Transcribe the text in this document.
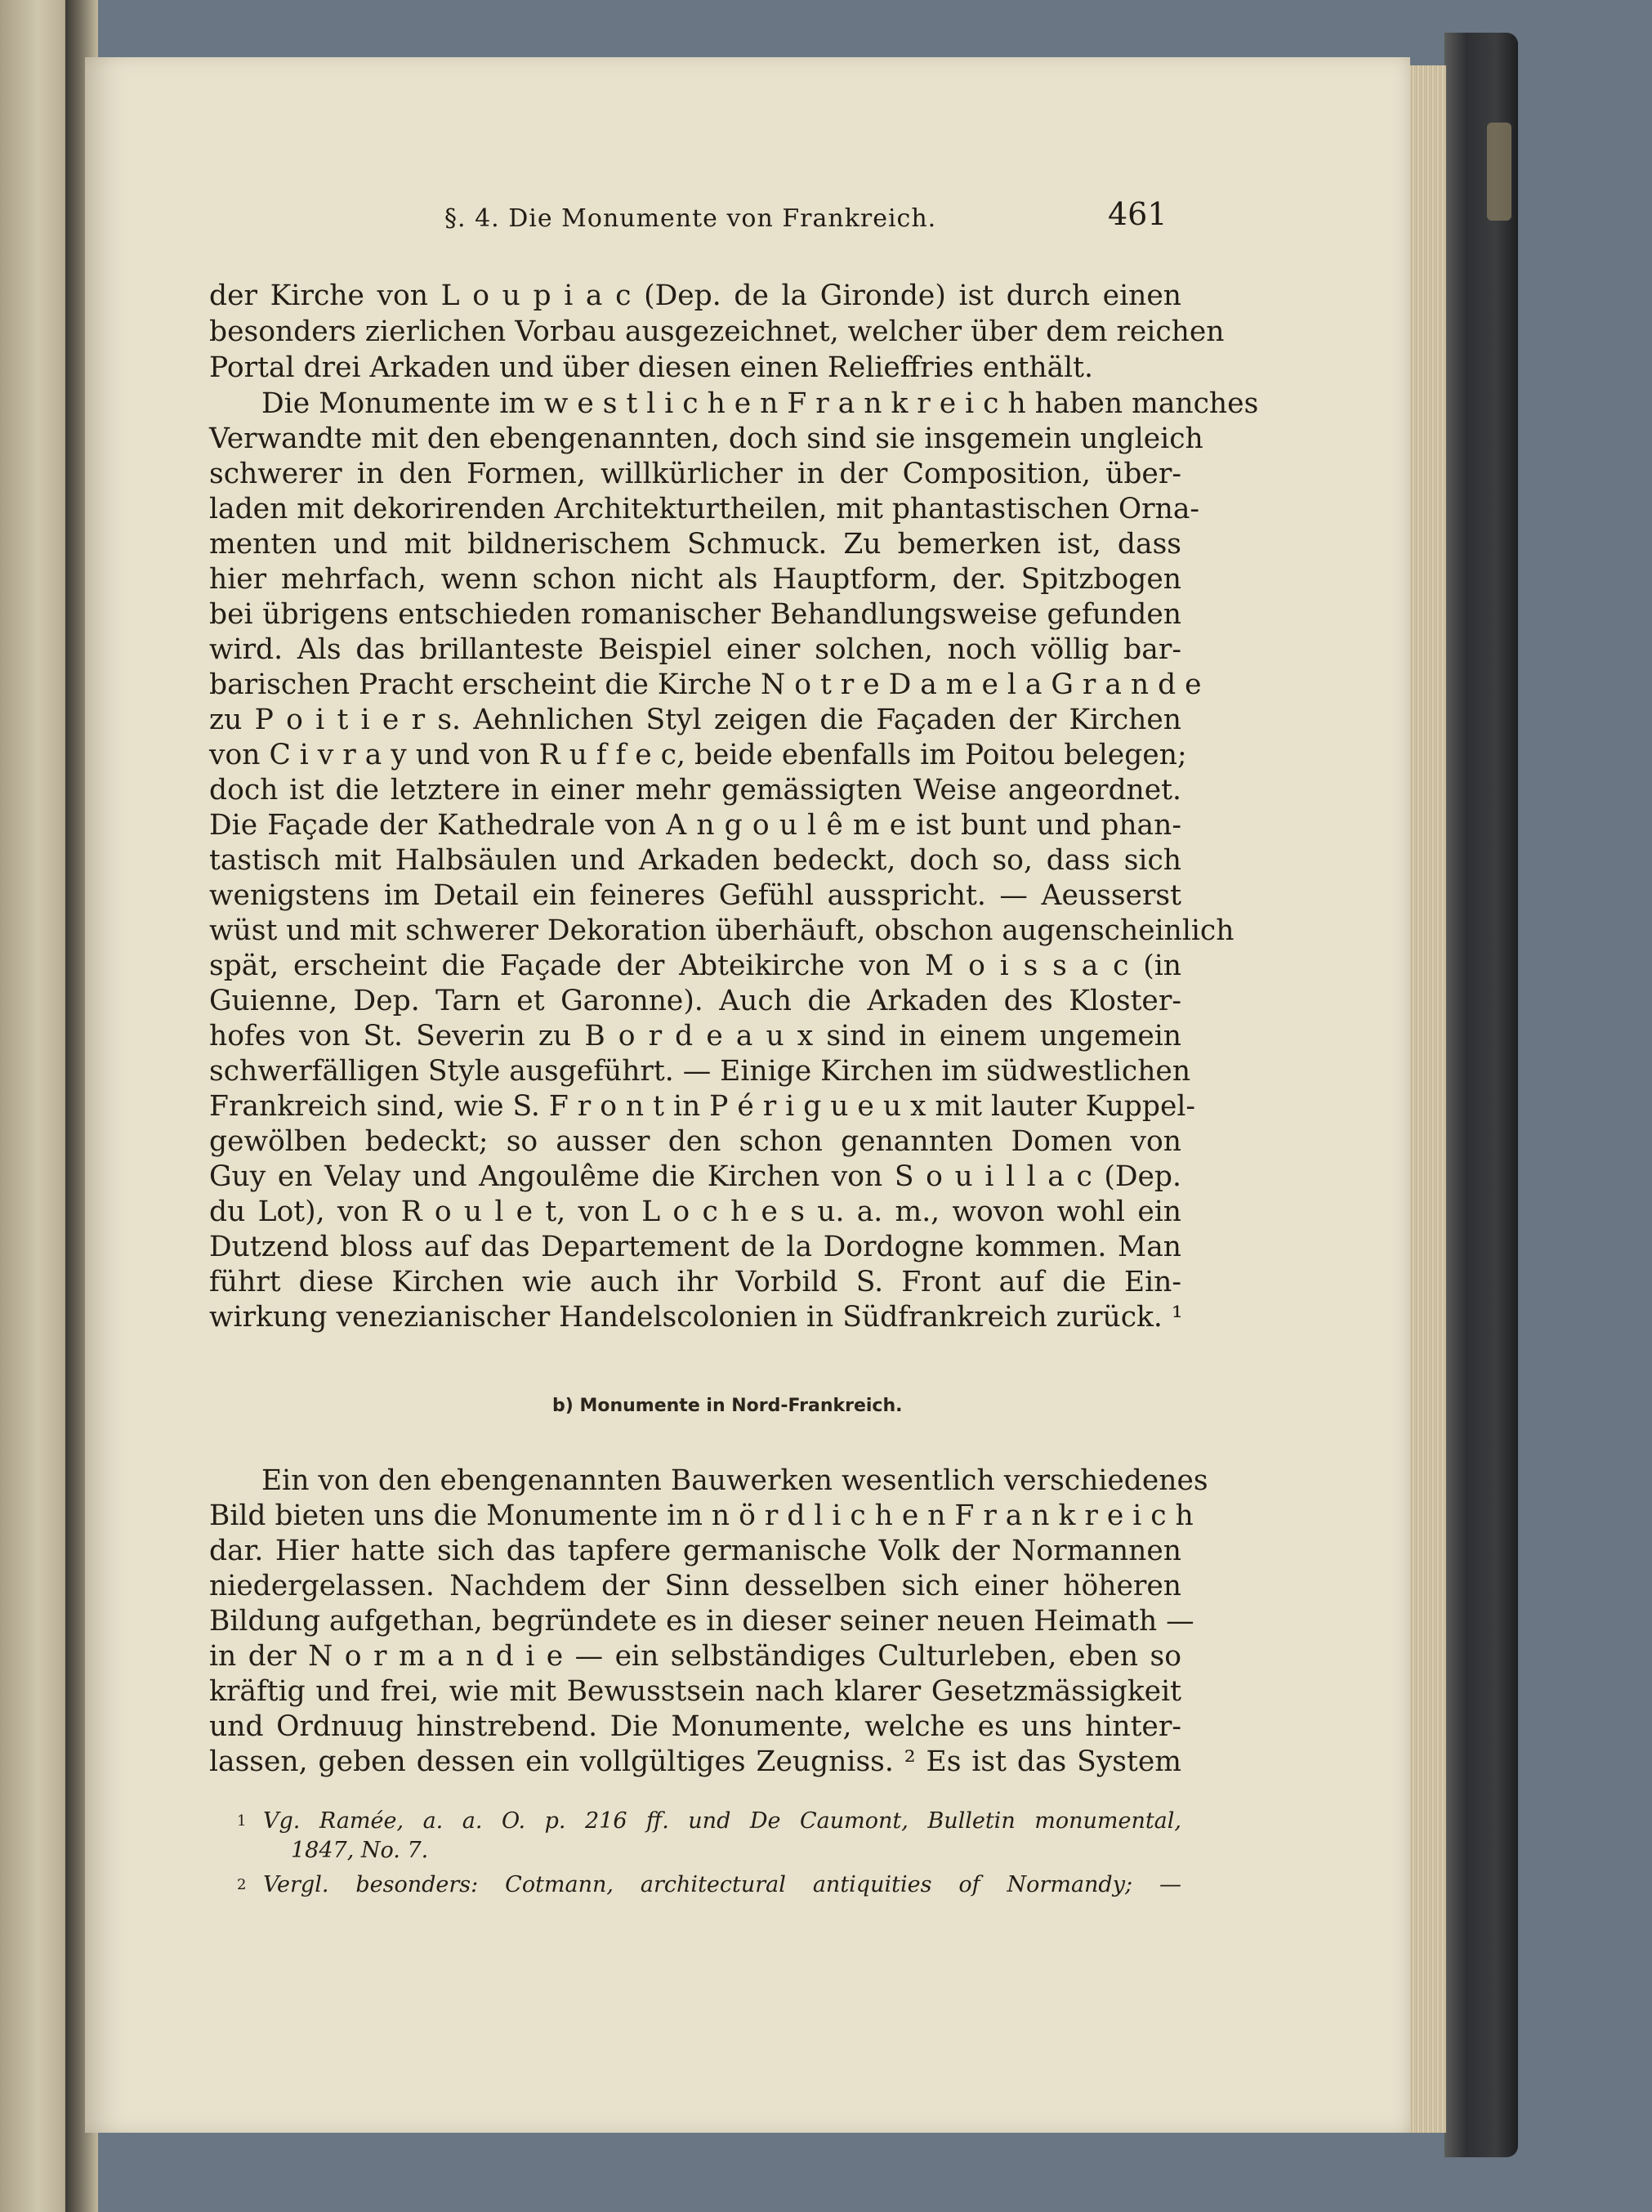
§. 4. Die Monumente von Frankreich.	461
der Kirche von L o u p i a c (Dep. de la Gironde) ist durch einen
besonders zierlichen Vorbau ausgezeichnet, welcher über dem reichen
Portal drei Arkaden und über diesen einen Relieffries enthält.
Die Monumente im w e s t l i c h e n F r a n k r e i c h haben manches
Verwandte mit den ebengenannten, doch sind sie insgemein ungleich
schwerer in den Formen, willkürlicher in der Composition, über-
laden mit dekorirenden Architekturtheilen, mit phantastischen Orna-
menten und mit bildnerischem Schmuck. Zu bemerken ist, dass
hier mehrfach, wenn schon nicht als Hauptform, der. Spitzbogen
bei übrigens entschieden romanischer Behandlungsweise gefunden
wird. Als das brillanteste Beispiel einer solchen, noch völlig bar-
barischen Pracht erscheint die Kirche N o t r e D a m e l a G r a n d e
zu P o i t i e r s. Aehnlichen Styl zeigen die Façaden der Kirchen
von C i v r a y und von R u f f e c, beide ebenfalls im Poitou belegen;
doch ist die letztere in einer mehr gemässigten Weise angeordnet.
Die Façade der Kathedrale von A n g o u l ê m e ist bunt und phan-
tastisch mit Halbsäulen und Arkaden bedeckt, doch so, dass sich
wenigstens im Detail ein feineres Gefühl ausspricht. — Aeusserst
wüst und mit schwerer Dekoration überhäuft, obschon augenscheinlich
spät, erscheint die Façade der Abteikirche von M o i s s a c (in
Guienne, Dep. Tarn et Garonne). Auch die Arkaden des Kloster-
hofes von St. Severin zu B o r d e a u x sind in einem ungemein
schwerfälligen Style ausgeführt. — Einige Kirchen im südwestlichen
Frankreich sind, wie S. F r o n t in P é r i g u e u x mit lauter Kuppel-
gewölben bedeckt; so ausser den schon genannten Domen von
Guy en Velay und Angoulême die Kirchen von S o u i l l a c (Dep.
du Lot), von R o u l e t, von L o c h e s u. a. m., wovon wohl ein
Dutzend bloss auf das Departement de la Dordogne kommen. Man
führt diese Kirchen wie auch ihr Vorbild S. Front auf die Ein-
wirkung venezianischer Handelscolonien in Südfrankreich zurück. ¹
b) Monumente in Nord-Frankreich.
Ein von den ebengenannten Bauwerken wesentlich verschiedenes
Bild bieten uns die Monumente im n ö r d l i c h e n F r a n k r e i c h
dar. Hier hatte sich das tapfere germanische Volk der Normannen
niedergelassen. Nachdem der Sinn desselben sich einer höheren
Bildung aufgethan, begründete es in dieser seiner neuen Heimath —
in der N o r m a n d i e — ein selbständiges Culturleben, eben so
kräftig und frei, wie mit Bewusstsein nach klarer Gesetzmässigkeit
und Ordnuug hinstrebend. Die Monumente, welche es uns hinter-
lassen, geben dessen ein vollgültiges Zeugniss. ² Es ist das System
1 Vg. Ramée, a. a. O. p. 216 ff. und De Caumont, Bulletin monumental,
1847, No. 7.
2 Vergl. besonders: Cotmann, architectural antiquities of Normandy; —
